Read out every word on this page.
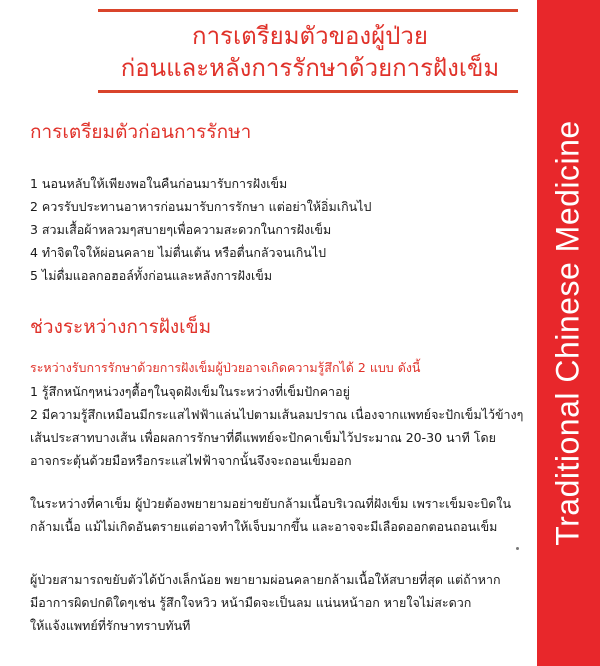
การเตรียมตัวของผู้ป่วย
ก่อนและหลังการรักษาด้วยการฝังเข็ม
การเตรียมตัวก่อนการรักษา
1 นอนหลับให้เพียงพอในคืนก่อนมารับการฝังเข็ม
2 ควรรับประทานอาหารก่อนมารับการรักษา แต่อย่าให้อิ่มเกินไป
3 สวมเสื้อผ้าหลวมๆสบายๆเพื่อความสะดวกในการฝังเข็ม
4 ทำจิตใจให้ผ่อนคลาย ไม่ตื่นเต้น หรือตื่นกลัวจนเกินไป
5 ไม่ดื่มแอลกอฮอล์ทั้งก่อนและหลังการฝังเข็ม
ช่วงระหว่างการฝังเข็ม
ระหว่างรับการรักษาด้วยการฝังเข็มผู้ป่วยอาจเกิดความรู้สึกได้ 2 แบบ ดังนี้
1 รู้สึกหนักๆหน่วงๆตื้อๆในจุดฝังเข็มในระหว่างที่เข็มปักคาอยู่
2 มีความรู้สึกเหมือนมีกระแสไฟฟ้าแล่นไปตามเส้นลมปราณ เนื่องจากแพทย์จะปักเข็มไว้ข้างๆ
เส้นประสาทบางเส้น เพื่อผลการรักษาที่ดีแพทย์จะปักคาเข็มไว้ประมาณ 20-30 นาที โดย
อาจกระตุ้นด้วยมือหรือกระแสไฟฟ้าจากนั้นจึงจะถอนเข็มออก
ในระหว่างที่คาเข็ม ผู้ป่วยต้องพยายามอย่าขยับกล้ามเนื้อบริเวณที่ฝังเข็ม เพราะเข็มจะบิดใน
กล้ามเนื้อ แม้ไม่เกิดอันตรายแต่อาจทำให้เจ็บมากขึ้น และอาจจะมีเลือดออกตอนถอนเข็ม
ผู้ป่วยสามารถขยับตัวได้บ้างเล็กน้อย พยายามผ่อนคลายกล้ามเนื้อให้สบายที่สุด แต่ถ้าหาก
มีอาการผิดปกติใดๆเช่น รู้สึกใจหวิว หน้ามืดจะเป็นลม แน่นหน้าอก หายใจไม่สะดวก
ให้แจ้งแพทย์ที่รักษาทราบทันที
Traditional Chinese Medicine
